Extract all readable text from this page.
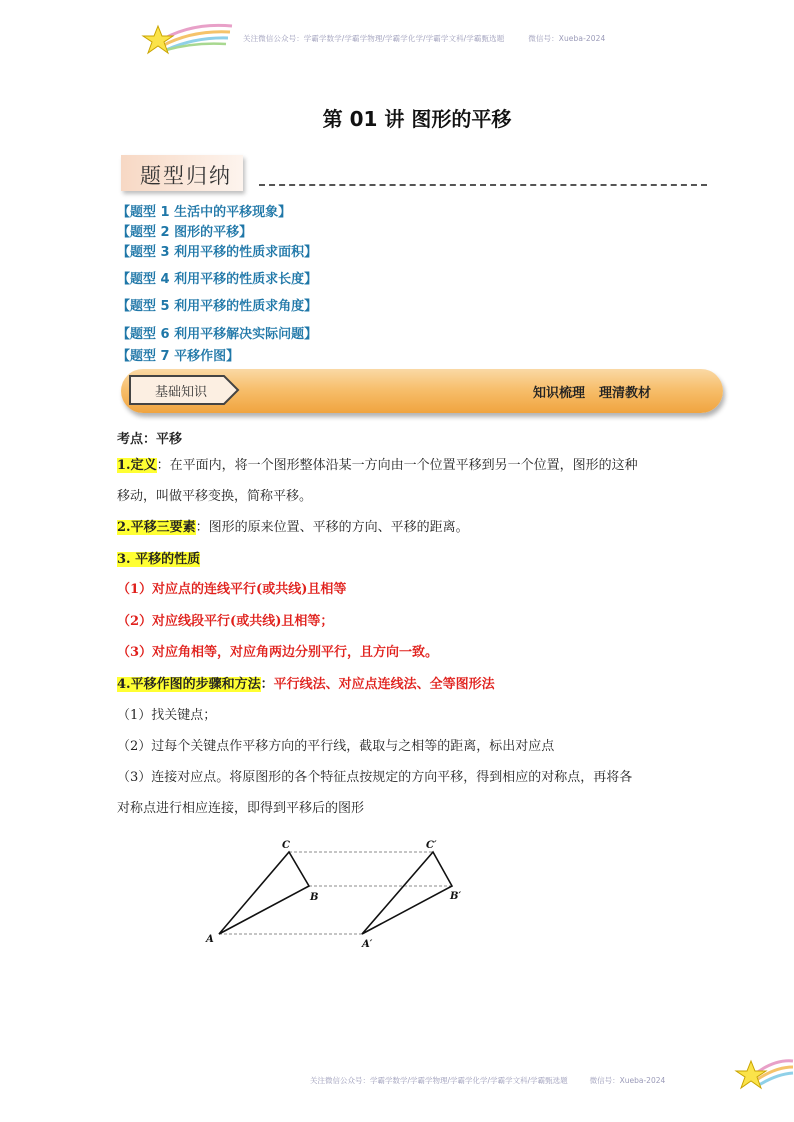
关注微信公众号：学霸学数学/学霸学物理/学霸学化学/学霸学文科/学霸甄选题	微信号：Xueba-2024
第 01 讲 图形的平移
题型归纳
【题型 1 生活中的平移现象】
【题型 2 图形的平移】
【题型 3 利用平移的性质求面积】
【题型 4 利用平移的性质求长度】
【题型 5 利用平移的性质求角度】
【题型 6 利用平移解决实际问题】
【题型 7 平移作图】
基础知识	知识梳理 理清教材
考点：平移
1.定义：在平面内，将一个图形整体沿某一方向由一个位置平移到另一个位置，图形的这种
移动，叫做平移变换，简称平移。
2.平移三要素：图形的原来位置、平移的方向、平移的距离。
3. 平移的性质
（1）对应点的连线平行(或共线)且相等
（2）对应线段平行(或共线)且相等；
（3）对应角相等，对应角两边分别平行，且方向一致。
4.平移作图的步骤和方法：平行线法、对应点连线法、全等图形法
（1）找关键点；
（2）过每个关键点作平移方向的平行线，截取与之相等的距离，标出对应点
（3）连接对应点。将原图形的各个特征点按规定的方向平移，得到相应的对称点，再将各
对称点进行相应连接，即得到平移后的图形
A
B
C
A′
B′
C′
关注微信公众号：学霸学数学/学霸学物理/学霸学化学/学霸学文科/学霸甄选题	微信号：Xueba-2024
